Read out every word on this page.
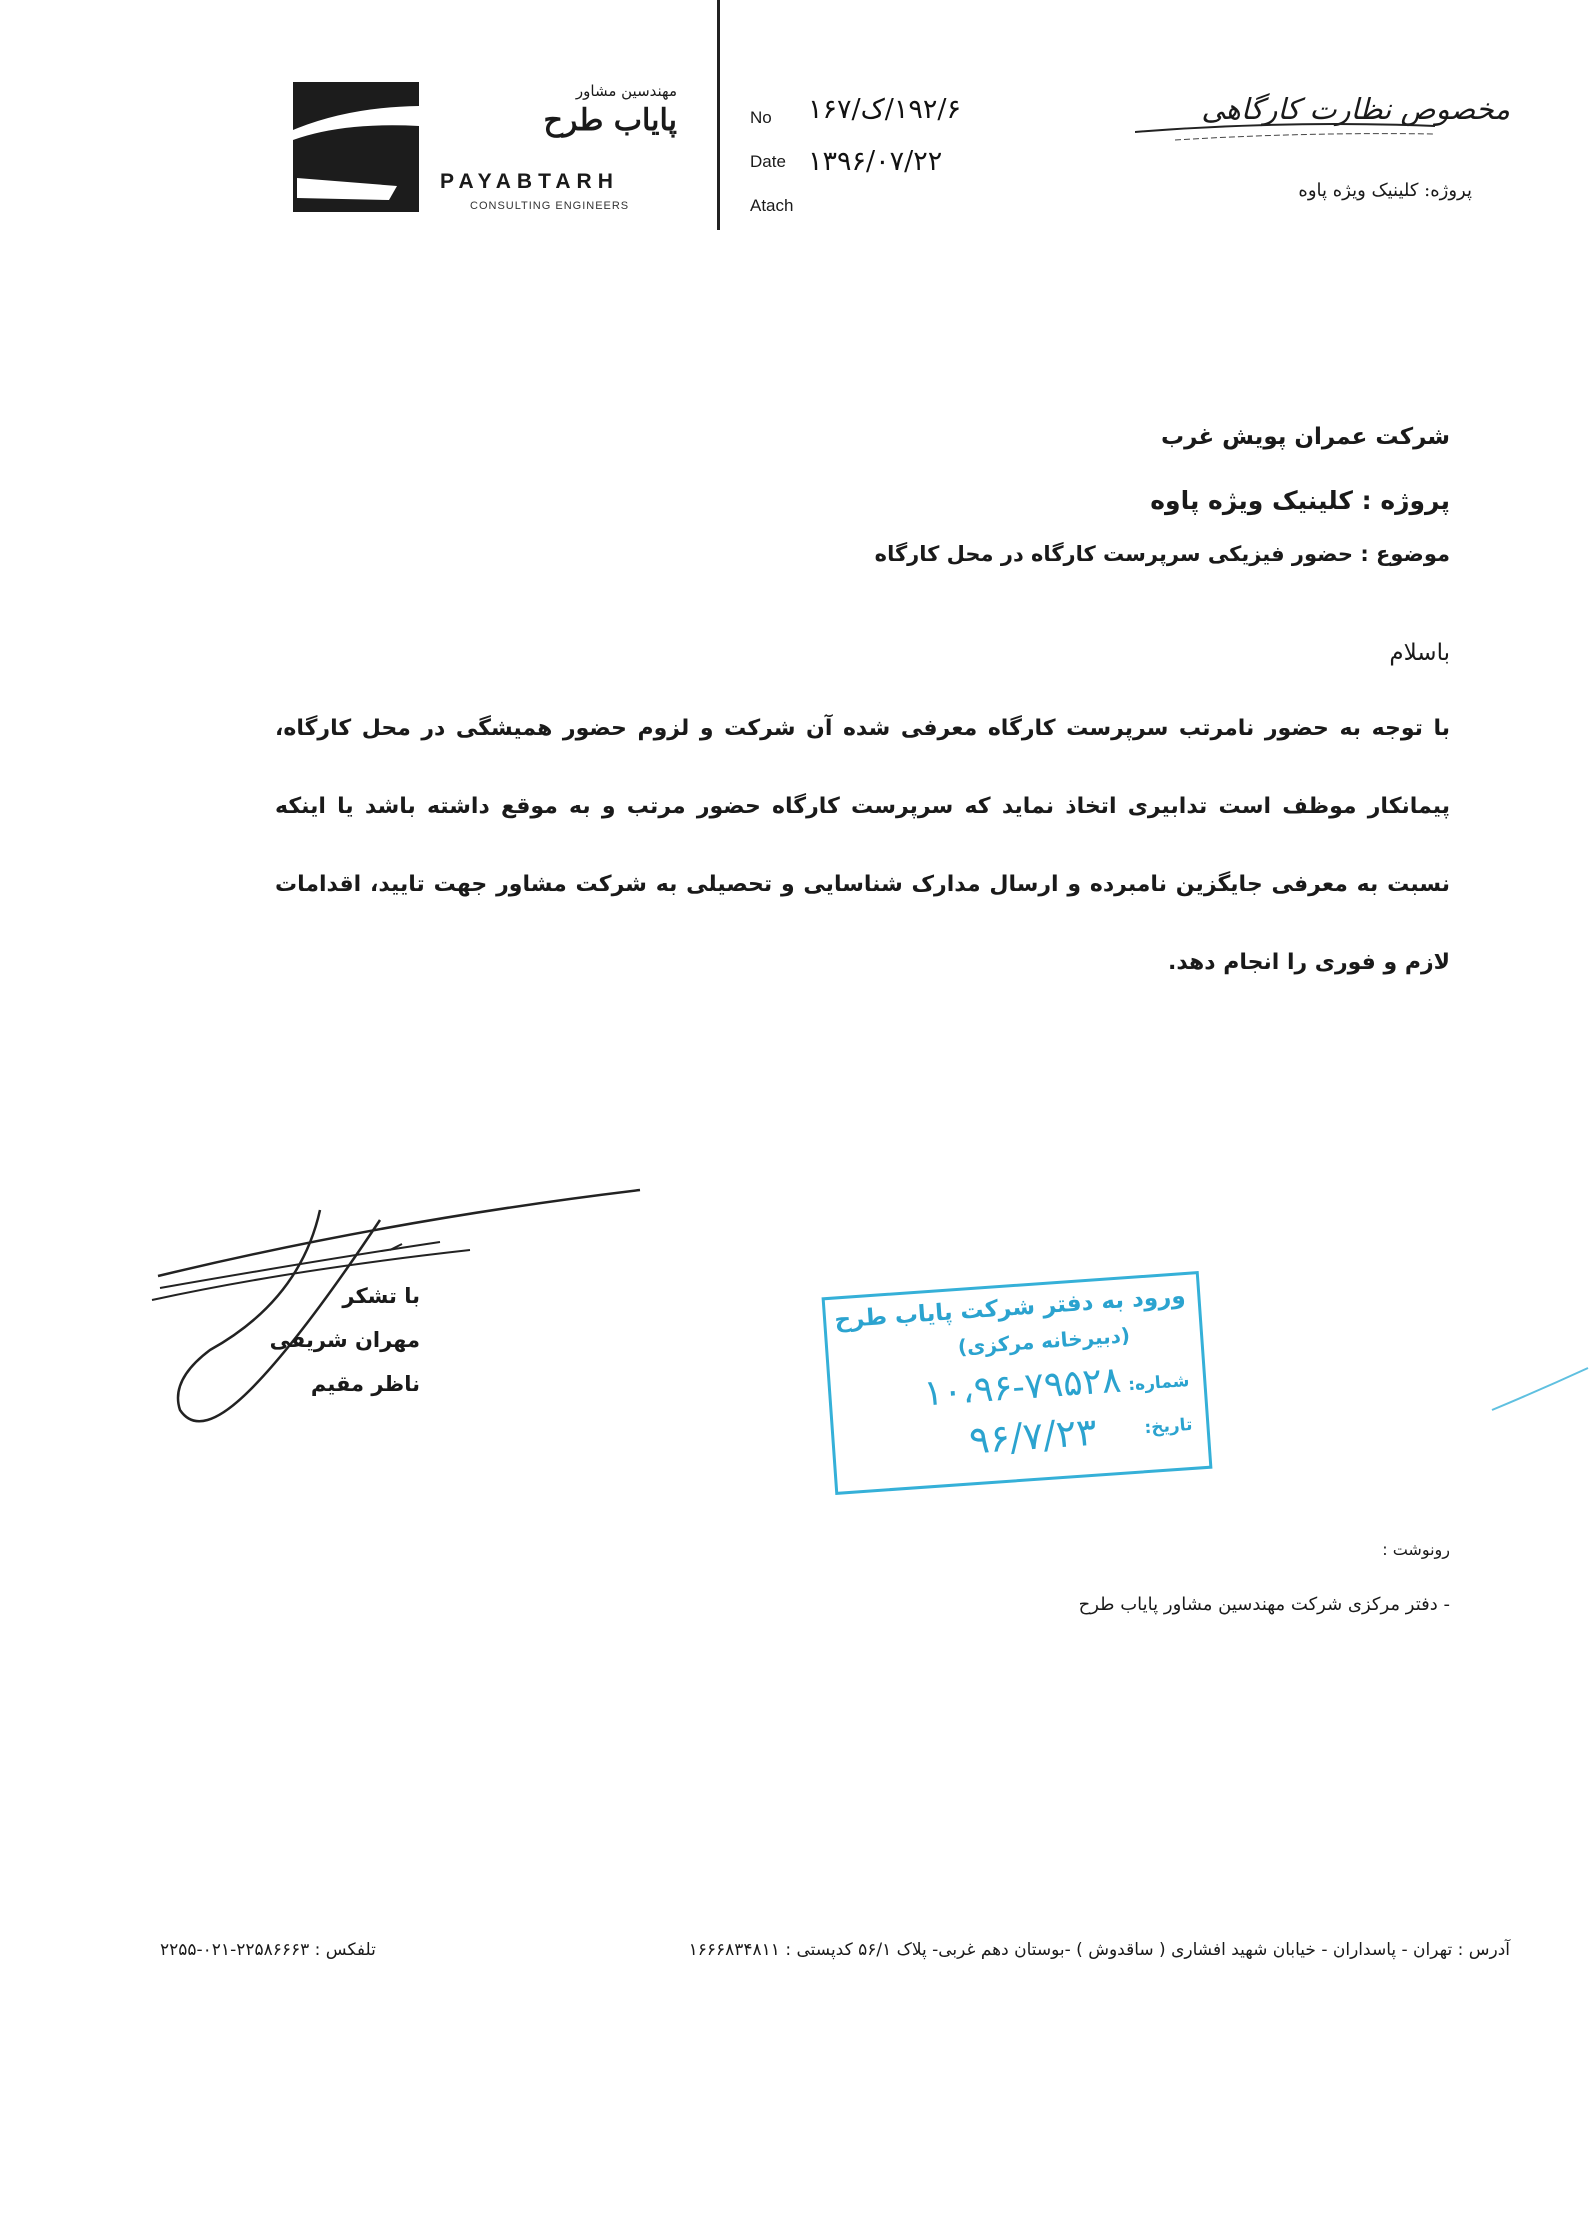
مهندسین مشاور
پایاب طرح
PAYABTARH
CONSULTING ENGINEERS
No ۱۹۲/۶/ک/۱۶۷
Date ۱۳۹۶/۰۷/۲۲
Atach
مخصوص نظارت کارگاهی
پروژه: کلینیک ویژه پاوه
شرکت عمران پویش غرب
پروژه : کلینیک ویژه پاوه
موضوع : حضور فیزیکی سرپرست کارگاه در محل کارگاه
باسلام
با توجه به حضور نامرتب سرپرست کارگاه معرفی شده آن شرکت و لزوم حضور همیشگی در محل کارگاه، پیمانکار موظف است تدابیری اتخاذ نماید که سرپرست کارگاه حضور مرتب و به موقع داشته باشد یا اینکه نسبت به معرفی جایگزین نامبرده و ارسال مدارک شناسایی و تحصیلی به شرکت مشاور جهت تایید، اقدامات لازم و فوری را انجام دهد.
با تشکر
مهران شریفی
ناظر مقیم
ورود به دفتر شرکت پایاب طرح
(دبیرخانه مرکزی)
شماره:
۱۰،۹۶-۷۹۵۲۸
تاریخ:
۹۶/۷/۲۳
رونوشت :
- دفتر مرکزی شرکت مهندسین مشاور پایاب طرح
آدرس : تهران - پاسداران - خیابان شهید افشاری ( ساقدوش ) -بوستان دهم غربی- پلاک ۵۶/۱ کدپستی : ۱۶۶۶۸۳۴۸۱۱
تلفکس : ۲۲۵۸۶۶۶۳-۰۲۱-۲۲۵۵
